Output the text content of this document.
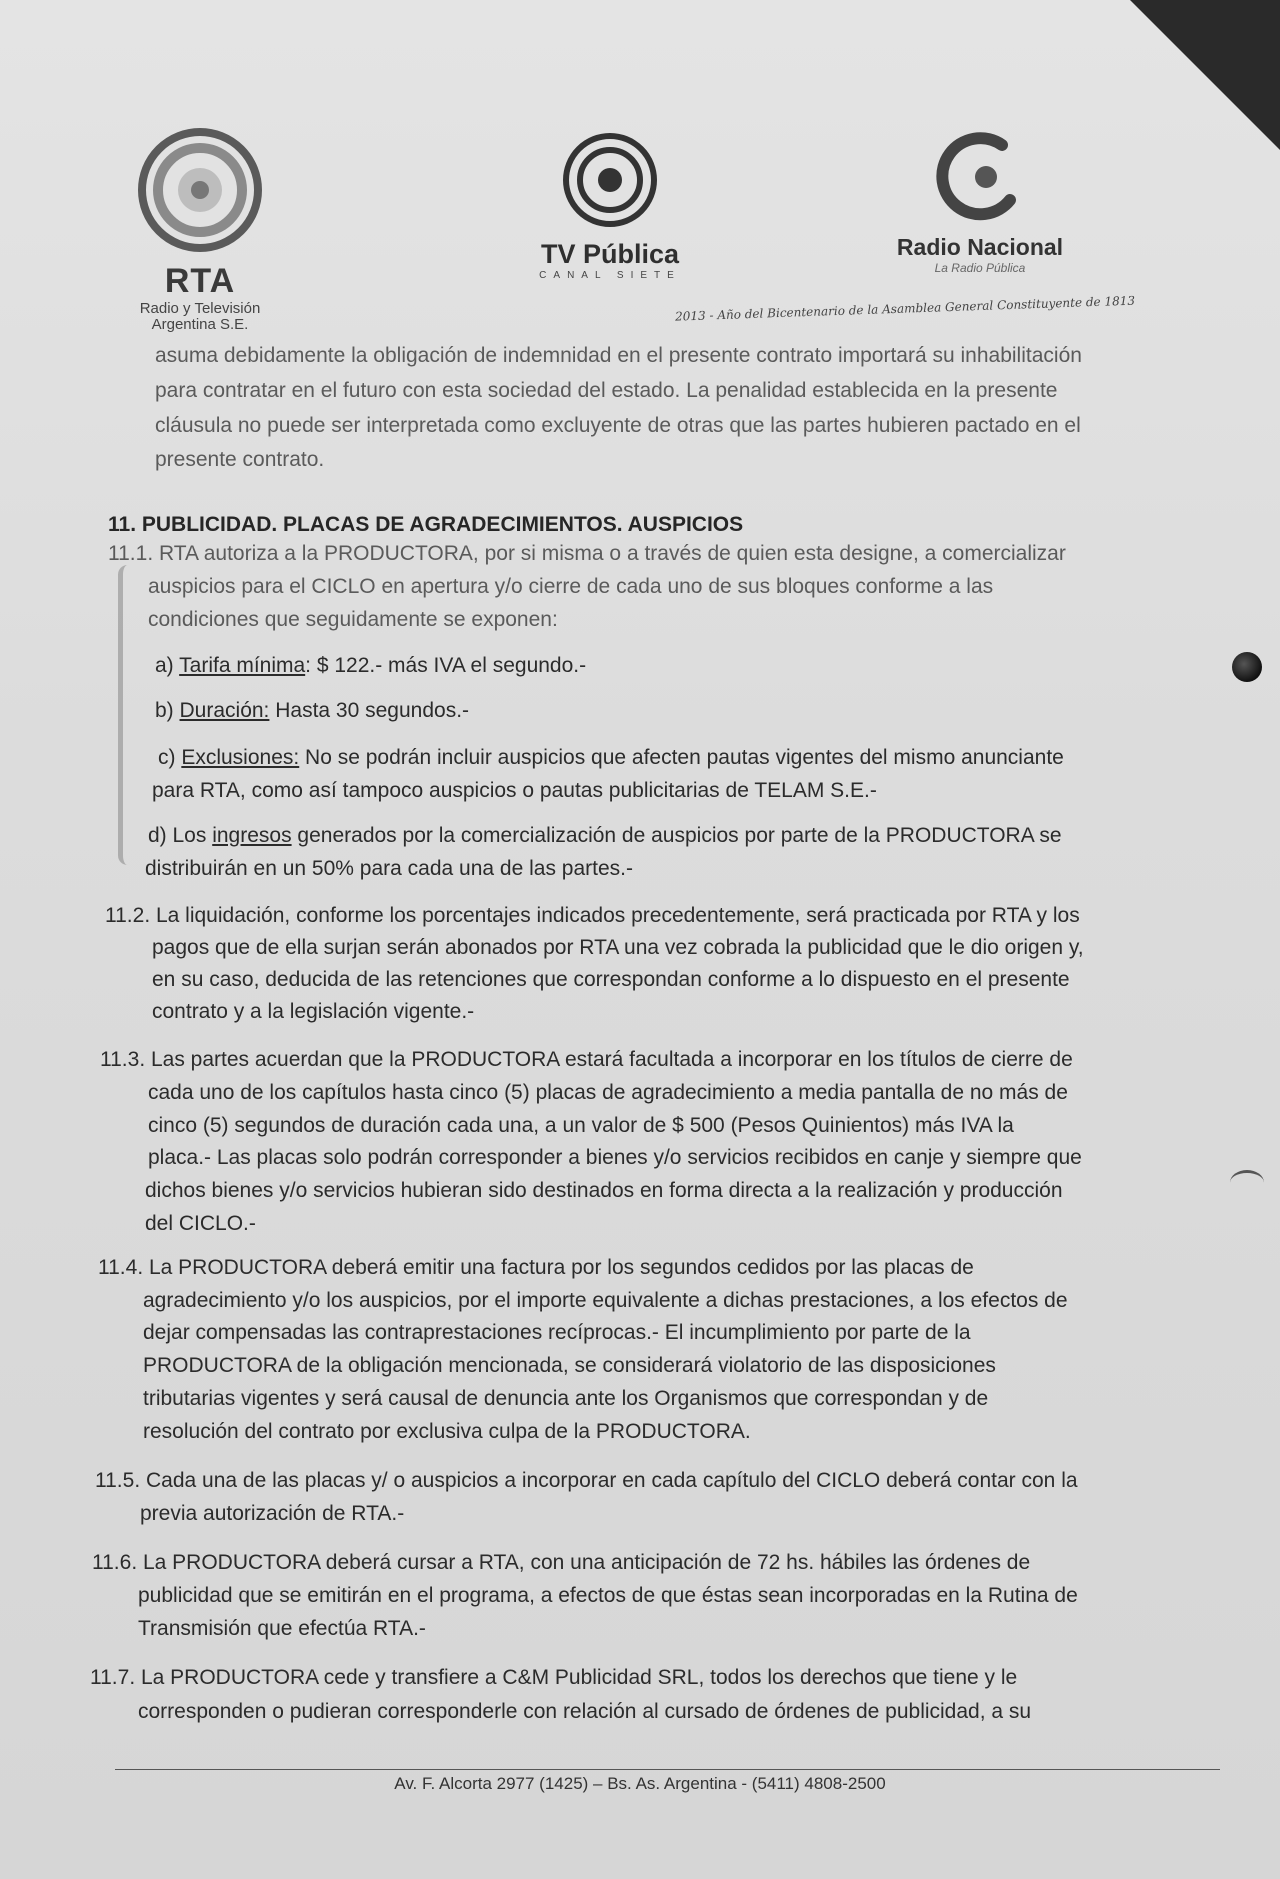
RTA
Radio y Televisión
Argentina S.E.
TV Pública
CANAL SIETE
Radio Nacional
La Radio Pública
2013 - Año del Bicentenario de la Asamblea General Constituyente de 1813
asuma debidamente la obligación de indemnidad en el presente contrato importará su inhabilitación
para contratar en el futuro con esta sociedad del estado. La penalidad establecida en la presente
cláusula no puede ser interpretada como excluyente de otras que las partes hubieren pactado en el
presente contrato.
11. PUBLICIDAD. PLACAS DE AGRADECIMIENTOS. AUSPICIOS
11.1. RTA autoriza a la PRODUCTORA, por si misma o a través de quien esta designe, a comercializar
auspicios para el CICLO en apertura y/o cierre de cada uno de sus bloques conforme a las
condiciones que seguidamente se exponen:
a) Tarifa mínima: $ 122.- más IVA el segundo.-
b) Duración: Hasta 30 segundos.-
c) Exclusiones: No se podrán incluir auspicios que afecten pautas vigentes del mismo anunciante
para RTA, como así tampoco auspicios o pautas publicitarias de TELAM S.E.-
d) Los ingresos generados por la comercialización de auspicios por parte de la PRODUCTORA se
distribuirán en un 50% para cada una de las partes.-
11.2. La liquidación, conforme los porcentajes indicados precedentemente, será practicada por RTA y los
pagos que de ella surjan serán abonados por RTA una vez cobrada la publicidad que le dio origen y,
en su caso, deducida de las retenciones que correspondan conforme a lo dispuesto en el presente
contrato y a la legislación vigente.-
11.3. Las partes acuerdan que la PRODUCTORA estará facultada a incorporar en los títulos de cierre de
cada uno de los capítulos hasta cinco (5) placas de agradecimiento a media pantalla de no más de
cinco (5) segundos de duración cada una, a un valor de $ 500 (Pesos Quinientos) más IVA la
placa.- Las placas solo podrán corresponder a bienes y/o servicios recibidos en canje y siempre que
dichos bienes y/o servicios hubieran sido destinados en forma directa a la realización y producción
del CICLO.-
11.4. La PRODUCTORA deberá emitir una factura por los segundos cedidos por las placas de
agradecimiento y/o los auspicios, por el importe equivalente a dichas prestaciones, a los efectos de
dejar compensadas las contraprestaciones recíprocas.- El incumplimiento por parte de la
PRODUCTORA de la obligación mencionada, se considerará violatorio de las disposiciones
tributarias vigentes y será causal de denuncia ante los Organismos que correspondan y de
resolución del contrato por exclusiva culpa de la PRODUCTORA.
11.5. Cada una de las placas y/ o auspicios a incorporar en cada capítulo del CICLO deberá contar con la
previa autorización de RTA.-
11.6. La PRODUCTORA deberá cursar a RTA, con una anticipación de 72 hs. hábiles las órdenes de
publicidad que se emitirán en el programa, a efectos de que éstas sean incorporadas en la Rutina de
Transmisión que efectúa RTA.-
11.7. La PRODUCTORA cede y transfiere a C&M Publicidad SRL, todos los derechos que tiene y le
corresponden o pudieran corresponderle con relación al cursado de órdenes de publicidad, a su
Av. F. Alcorta 2977 (1425) – Bs. As. Argentina - (5411) 4808-2500
